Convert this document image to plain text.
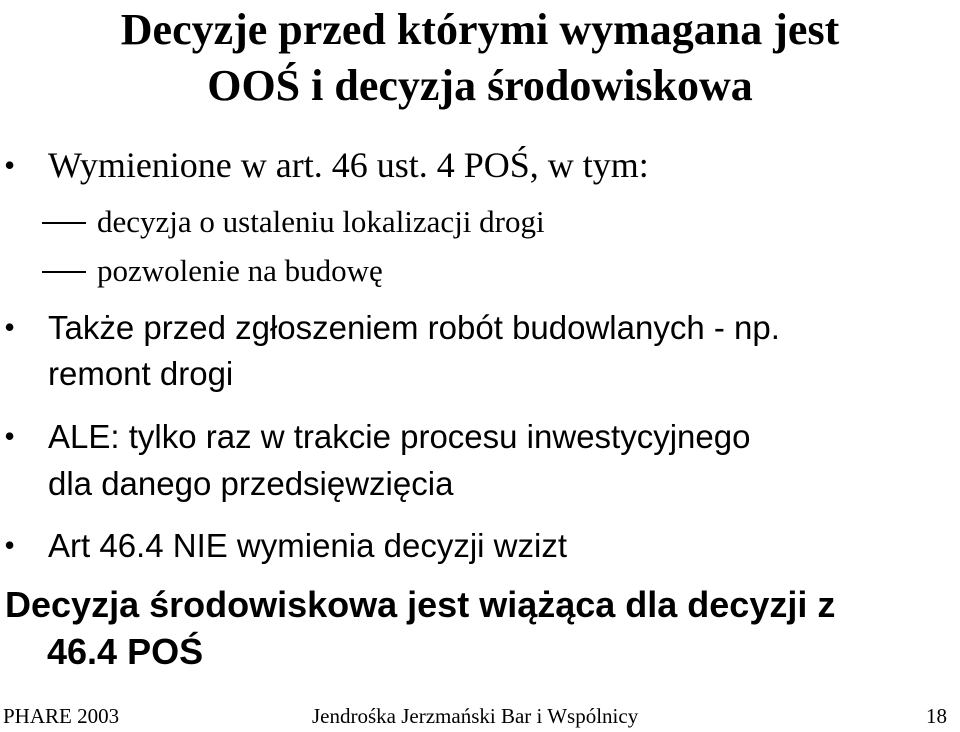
Decyzje przed którymi wymagana jest
OOŚ i decyzja środowiskowa
• Wymienione w art. 46 ust. 4 POŚ, w tym:
decyzja o ustaleniu lokalizacji drogi
pozwolenie na budowę
• Także przed zgłoszeniem robót budowlanych - np.
remont drogi
• ALE: tylko raz w trakcie procesu inwestycyjnego
dla danego przedsięwzięcia
• Art 46.4 NIE wymienia decyzji wzizt
Decyzja środowiskowa jest wiążąca dla decyzji z
46.4 POŚ
PHARE 2003	Jendrośka Jerzmański Bar i Wspólnicy	18
